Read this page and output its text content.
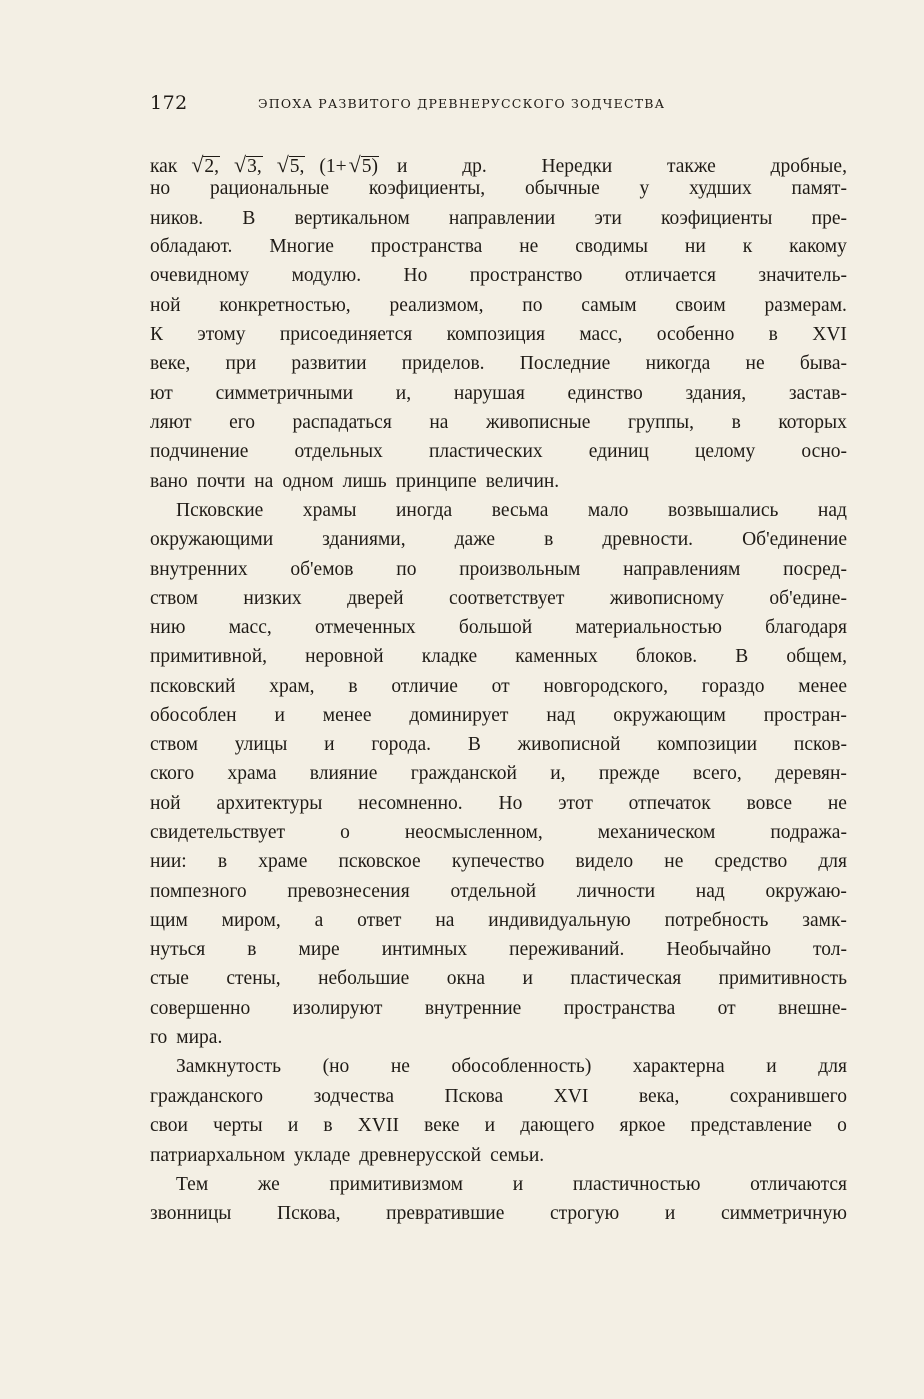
172	ЭПОХА РАЗВИТОГО ДРЕВНЕРУССКОГО ЗОДЧЕСТВА
как √ 2, √ 3, √ 5, (1+ √ 5) и	др.	Нередки	также	дробные,
но рациональные коэфициенты, обычные у худших памят-
ников. В вертикальном направлении эти коэфициенты пре-
обладают. Многие пространства не сводимы ни к какому
очевидному модулю. Но пространство отличается значитель-
ной конкретностью, реализмом, по самым своим размерам.
К этому присоединяется композиция масс, особенно в XVI
веке, при развитии приделов. Последние никогда не быва-
ют симметричными и, нарушая единство здания, застав-
ляют его распадаться на живописные группы, в которых
подчинение отдельных пластических единиц целому осно-
вано почти на одном лишь принципе величин.
Псковские храмы иногда весьма мало возвышались над
окружающими	зданиями,	даже	в	древности.	Об'единение
внутренних об'емов по произвольным направлениям посред-
ством низких дверей соответствует живописному об'едине-
нию масс, отмеченных большой материальностью благодаря
примитивной, неровной кладке каменных блоков. В общем,
псковский храм, в отличие от новгородского, гораздо менее
обособлен и менее доминирует над окружающим простран-
ством улицы и города. В живописной композиции псков-
ского храма влияние гражданской и, прежде всего, деревян-
ной архитектуры несомненно. Но этот отпечаток вовсе не
свидетельствует	о	неосмысленном,	механическом	подража-
нии: в храме псковское купечество видело не средство для
помпезного превознесения отдельной личности над окружаю-
щим миром, а ответ на индивидуальную потребность замк-
нуться в мире интимных переживаний. Необычайно тол-
стые стены, небольшие окна и пластическая примитивность
совершенно изолируют внутренние пространства от внешне-
го мира.
Замкнутость (но не обособленность) характерна и для
гражданского	зодчества	Пскова	XVI	века,	сохранившего
свои черты и в XVII веке и дающего яркое представление о
патриархальном укладе древнерусской семьи.
Тем	же	примитивизмом	и	пластичностью	отличаются
звонницы Пскова, превратившие строгую и симметричную
